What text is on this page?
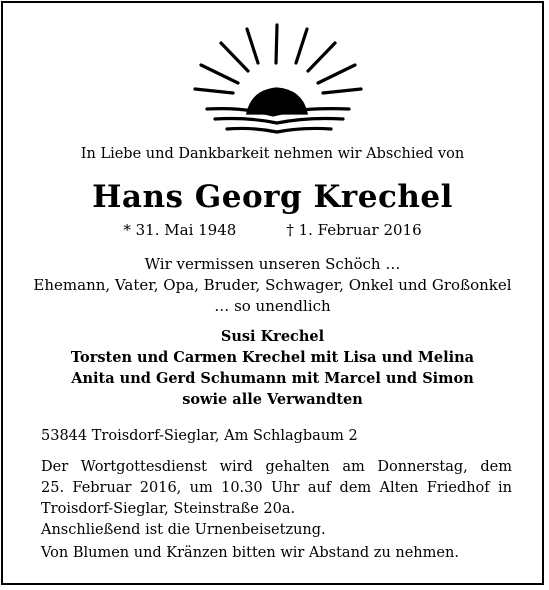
In Liebe und Dankbarkeit nehmen wir Abschied von
Hans Georg Krechel
* 31. Mai 1948	† 1. Februar 2016
Wir vermissen unseren Schöch …
Ehemann, Vater, Opa, Bruder, Schwager, Onkel und Großonkel
… so unendlich
Susi Krechel
Torsten und Carmen Krechel mit Lisa und Melina
Anita und Gerd Schumann mit Marcel und Simon
sowie alle Verwandten
53844 Troisdorf-Sieglar, Am Schlagbaum 2
Der Wortgottesdienst wird gehalten am Donnerstag, dem
25. Februar 2016, um 10.30 Uhr auf dem Alten Friedhof in
Troisdorf-Sieglar, Steinstraße 20a.
Anschließend ist die Urnenbeisetzung.
Von Blumen und Kränzen bitten wir Abstand zu nehmen.
